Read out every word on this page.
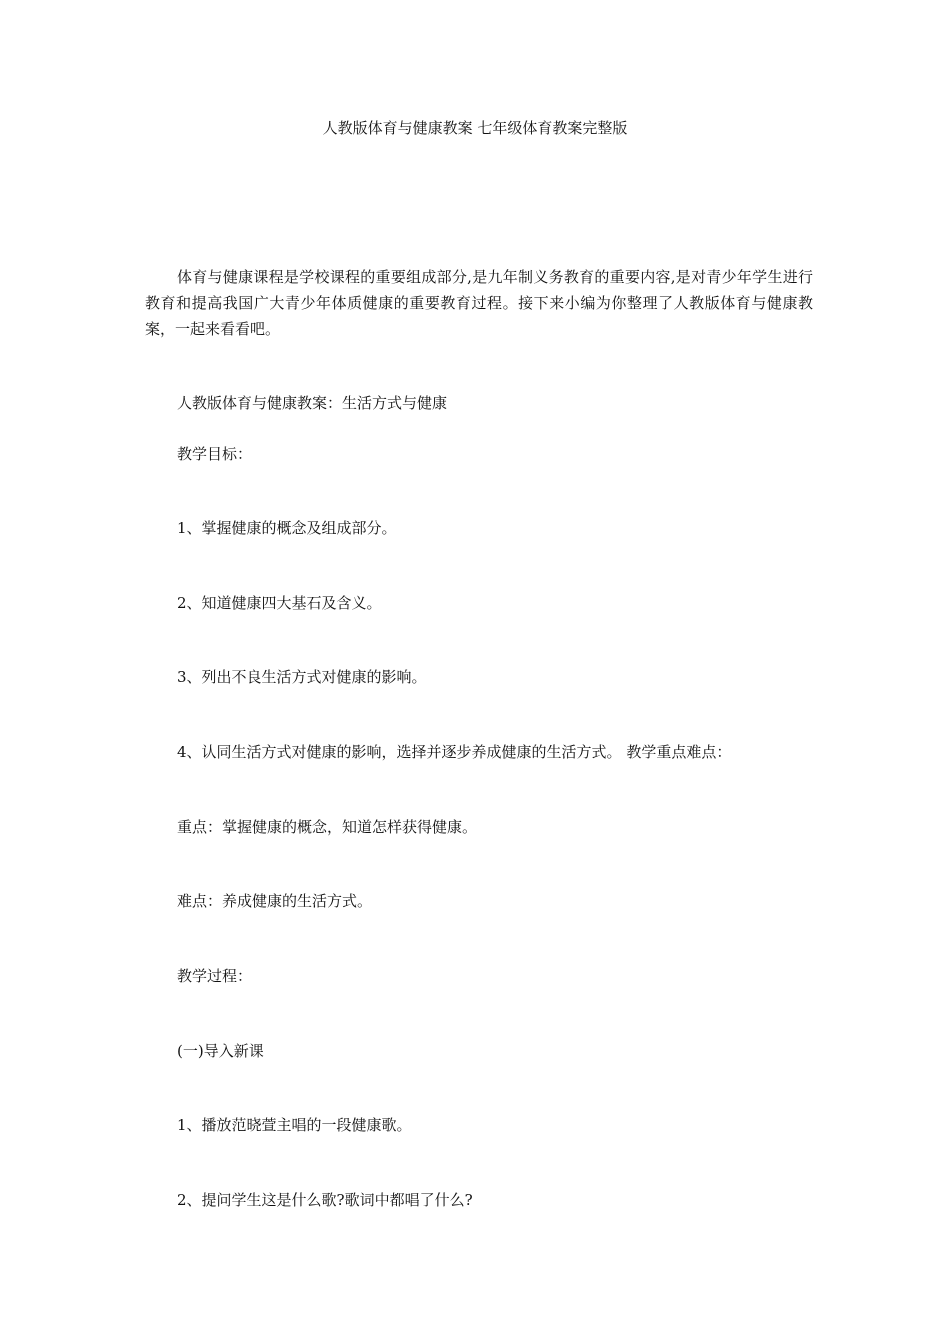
人教版体育与健康教案 七年级体育教案完整版

体育与健康课程是学校课程的重要组成部分,是九年制义务教育的重要内容,是对青少年学生进行教育和提高我国广大青少年体质健康的重要教育过程。接下来小编为你整理了人教版体育与健康教案，一起来看看吧。

人教版体育与健康教案：生活方式与健康

教学目标：

1、掌握健康的概念及组成部分。

2、知道健康四大基石及含义。

3、列出不良生活方式对健康的影响。

4、认同生活方式对健康的影响，选择并逐步养成健康的生活方式。 教学重点难点：

重点：掌握健康的概念，知道怎样获得健康。

难点：养成健康的生活方式。

教学过程：

(一)导入新课

1、播放范晓萱主唱的一段健康歌。

2、提问学生这是什么歌?歌词中都唱了什么?
